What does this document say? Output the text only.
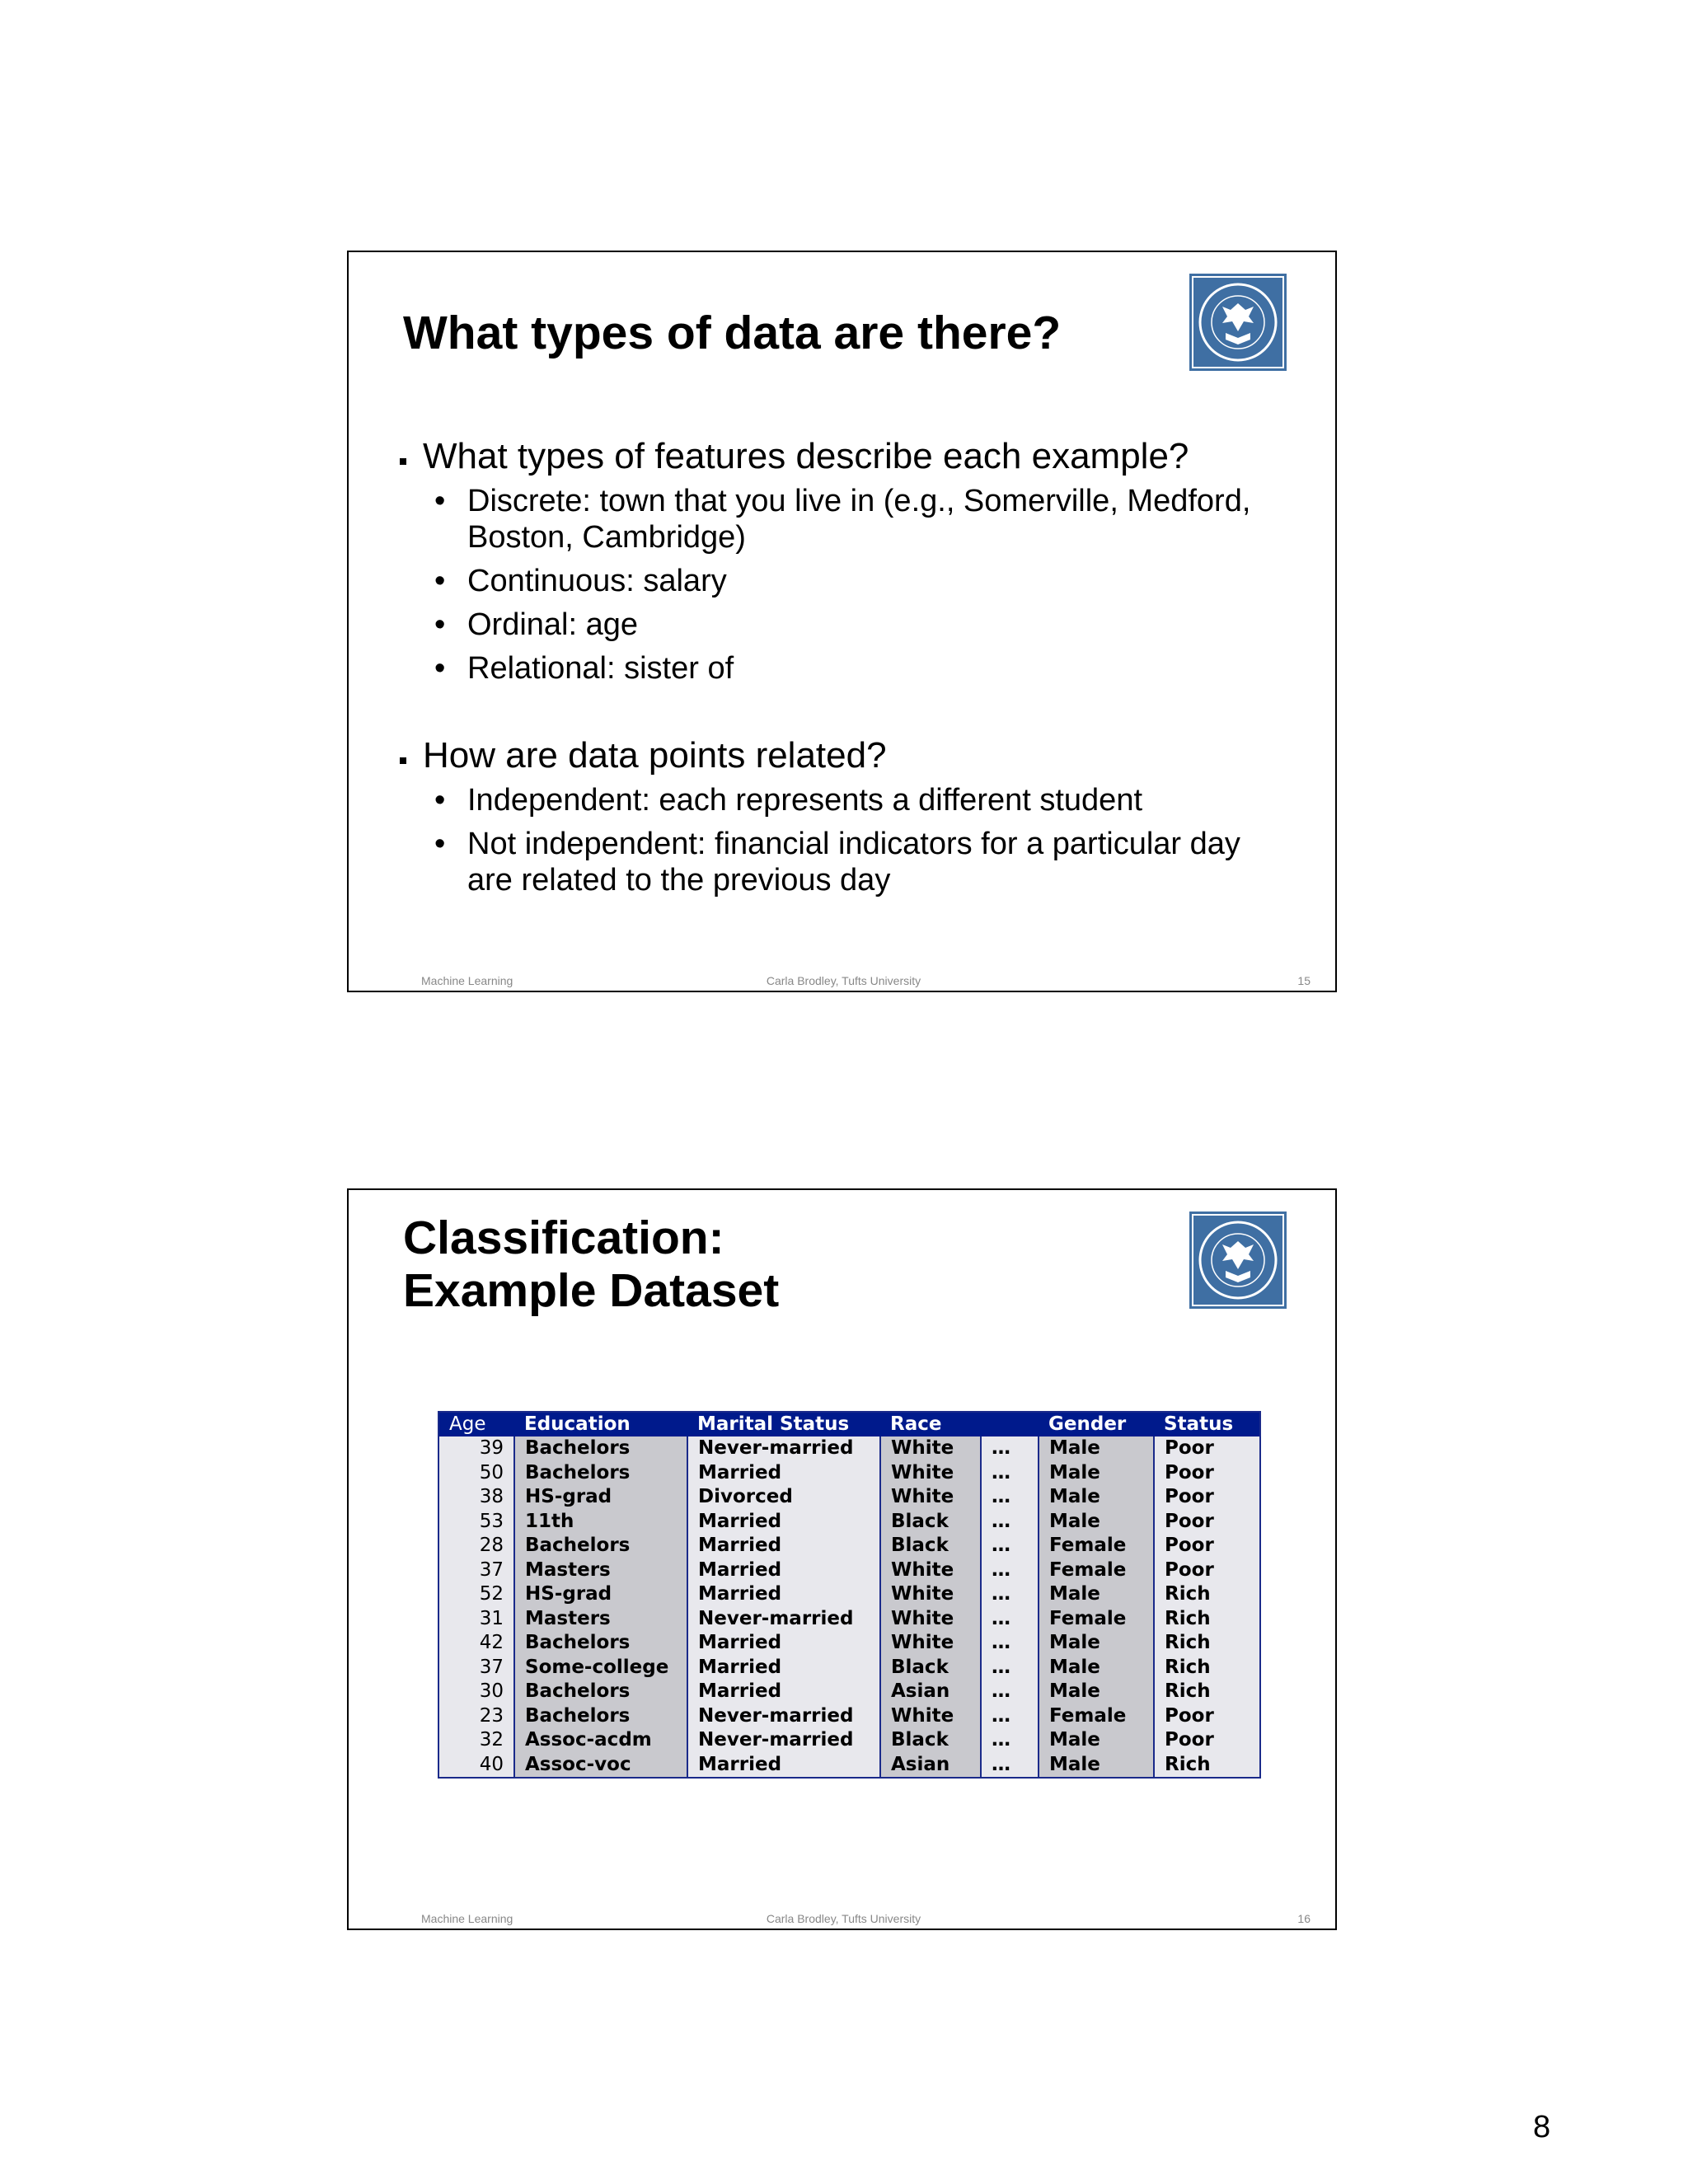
What types of data are there?
What types of features describe each example?
• Discrete: town that you live in (e.g., Somerville, Medford, Boston, Cambridge)
• Continuous: salary
• Ordinal: age
• Relational: sister of
How are data points related?
• Independent: each represents a different student
• Not independent: financial indicators for a particular day are related to the previous day
Machine Learning	Carla Brodley, Tufts University	15
Classification:
Example Dataset
Age	Education	Marital Status	Race		Gender	Status
39	Bachelors	Never-married	White	…	Male	Poor
50	Bachelors	Married	White	…	Male	Poor
38	HS-grad	Divorced	White	…	Male	Poor
53	11th	Married	Black	…	Male	Poor
28	Bachelors	Married	Black	…	Female	Poor
37	Masters	Married	White	…	Female	Poor
52	HS-grad	Married	White	…	Male	Rich
31	Masters	Never-married	White	…	Female	Rich
42	Bachelors	Married	White	…	Male	Rich
37	Some-college	Married	Black	…	Male	Rich
30	Bachelors	Married	Asian	…	Male	Rich
23	Bachelors	Never-married	White	…	Female	Poor
32	Assoc-acdm	Never-married	Black	…	Male	Poor
40	Assoc-voc	Married	Asian	…	Male	Rich
Machine Learning	Carla Brodley, Tufts University	16
8
